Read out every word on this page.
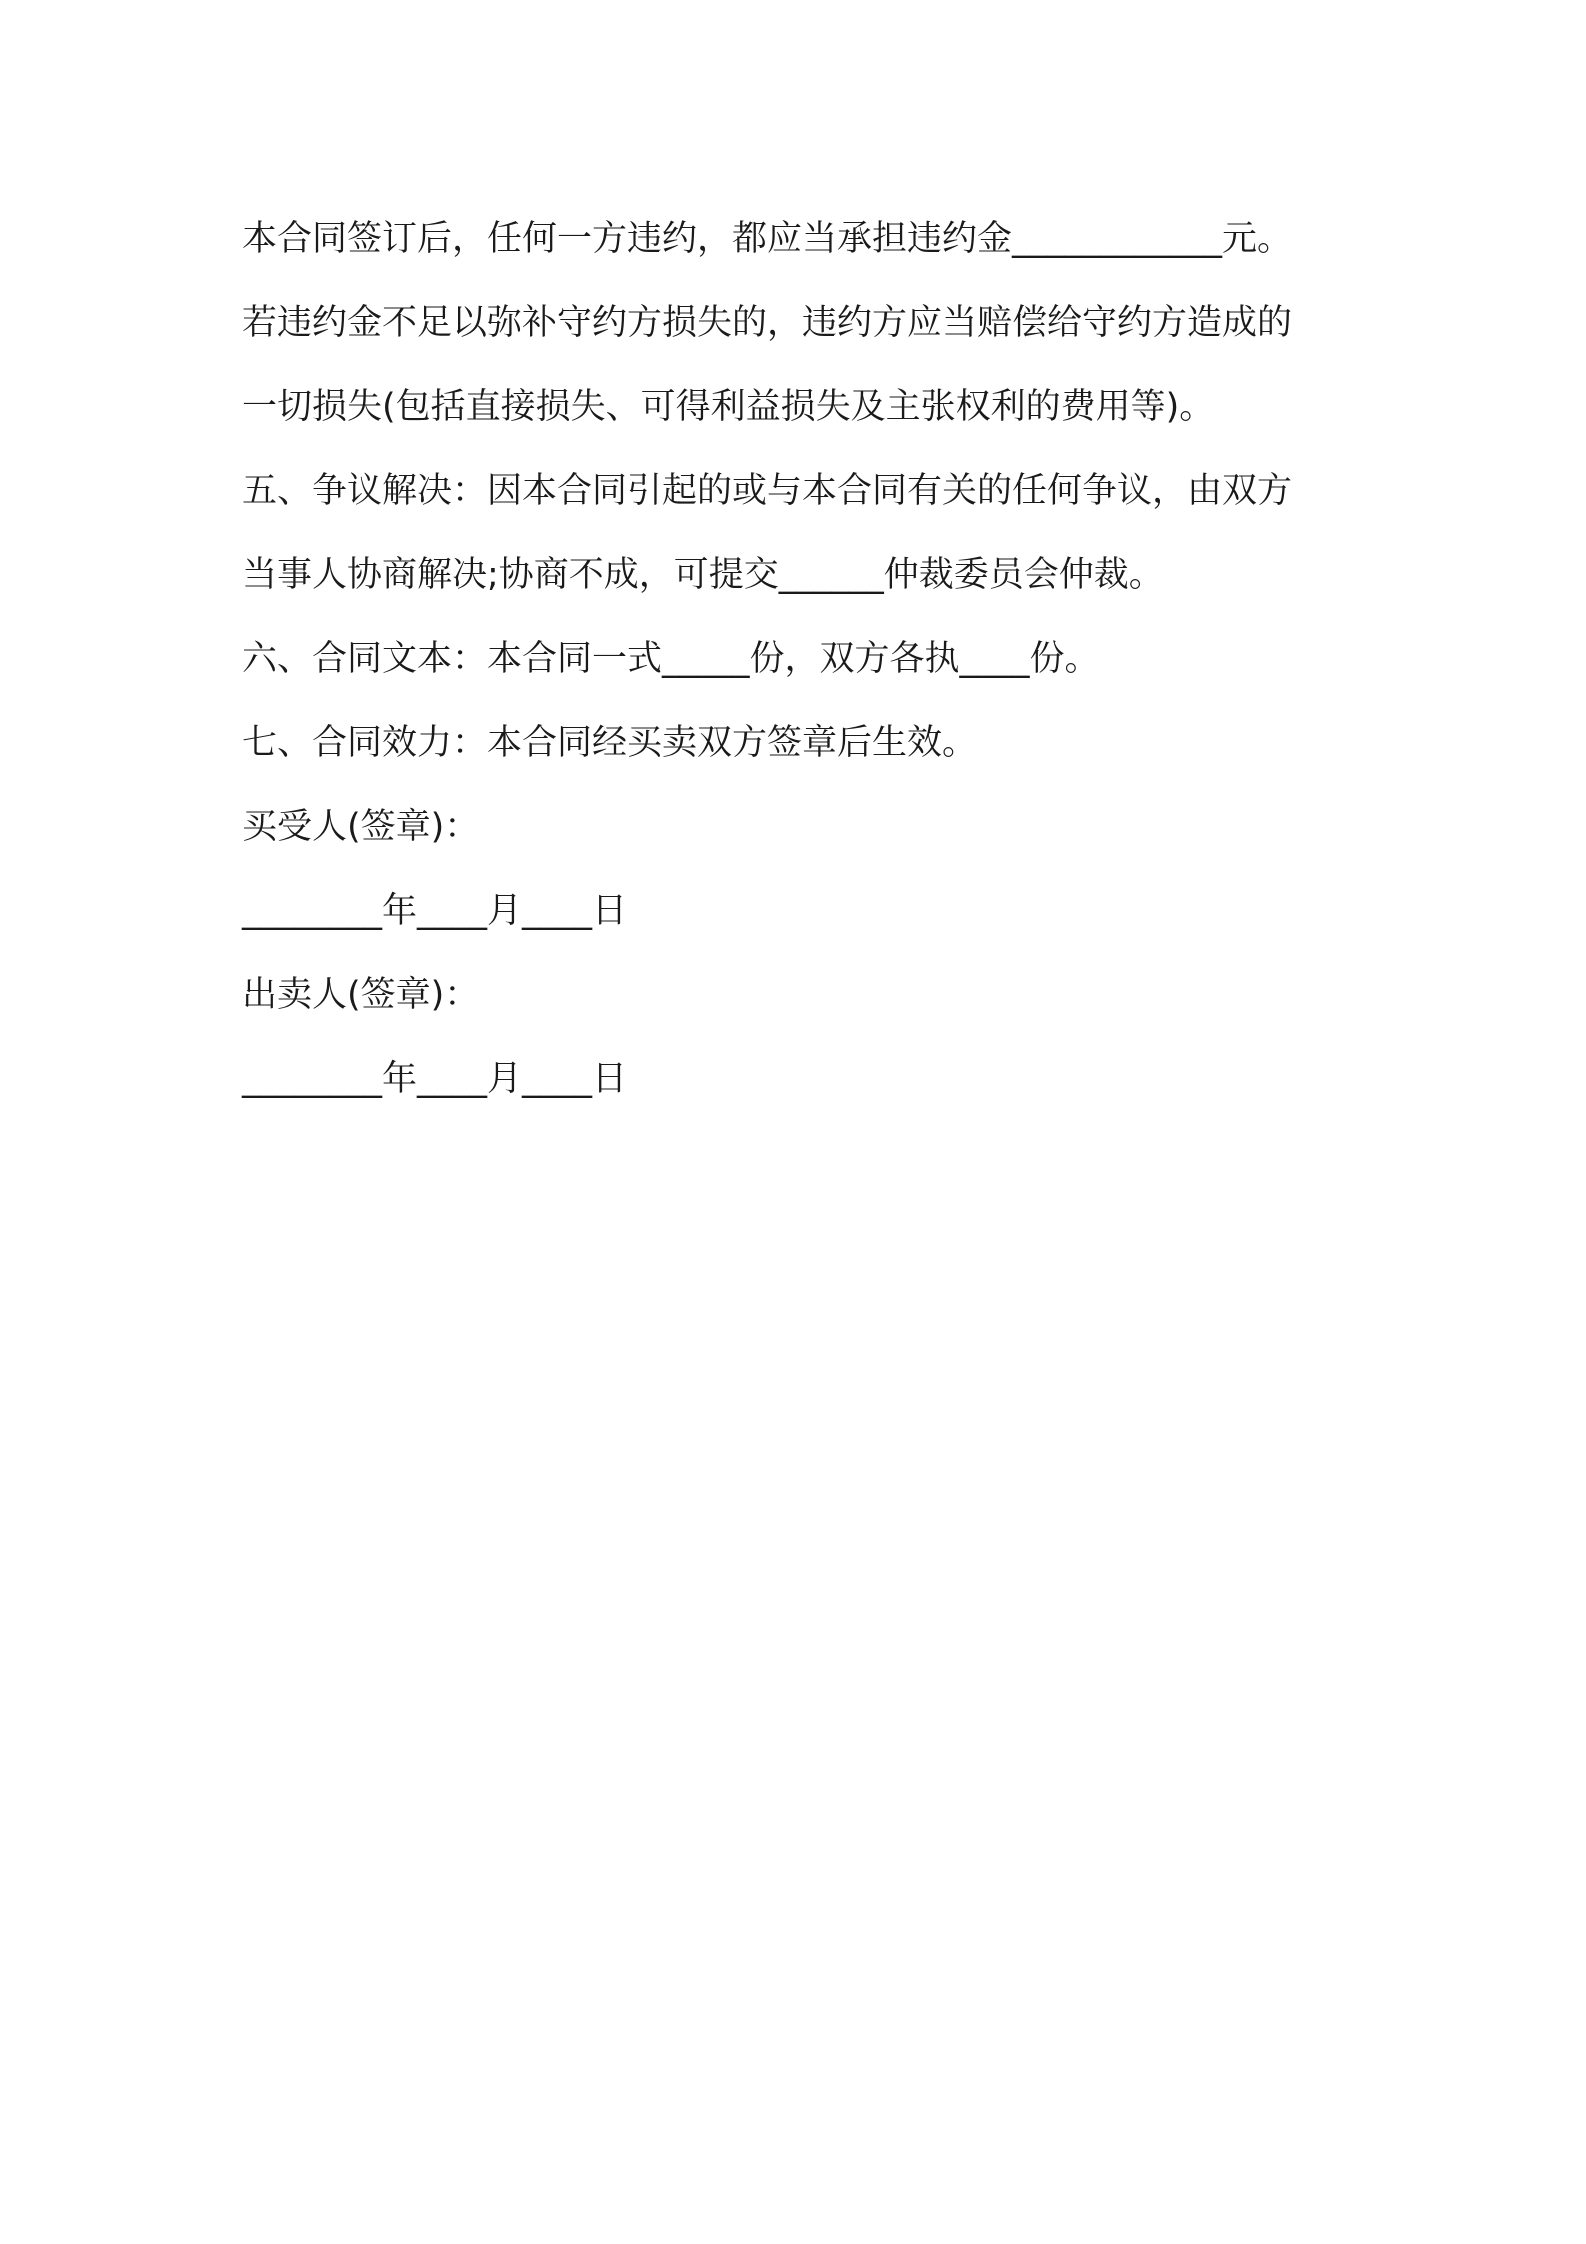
本合同签订后，任何一方违约，都应当承担违约金____________元。

若违约金不足以弥补守约方损失的，违约方应当赔偿给守约方造成的

一切损失(包括直接损失、可得利益损失及主张权利的费用等)。

五、争议解决：因本合同引起的或与本合同有关的任何争议，由双方

当事人协商解决;协商不成，可提交______仲裁委员会仲裁。

六、合同文本：本合同一式_____份，双方各执____份。

七、合同效力：本合同经买卖双方签章后生效。

买受人(签章)：

________年____月____日

出卖人(签章)：

________年____月____日
